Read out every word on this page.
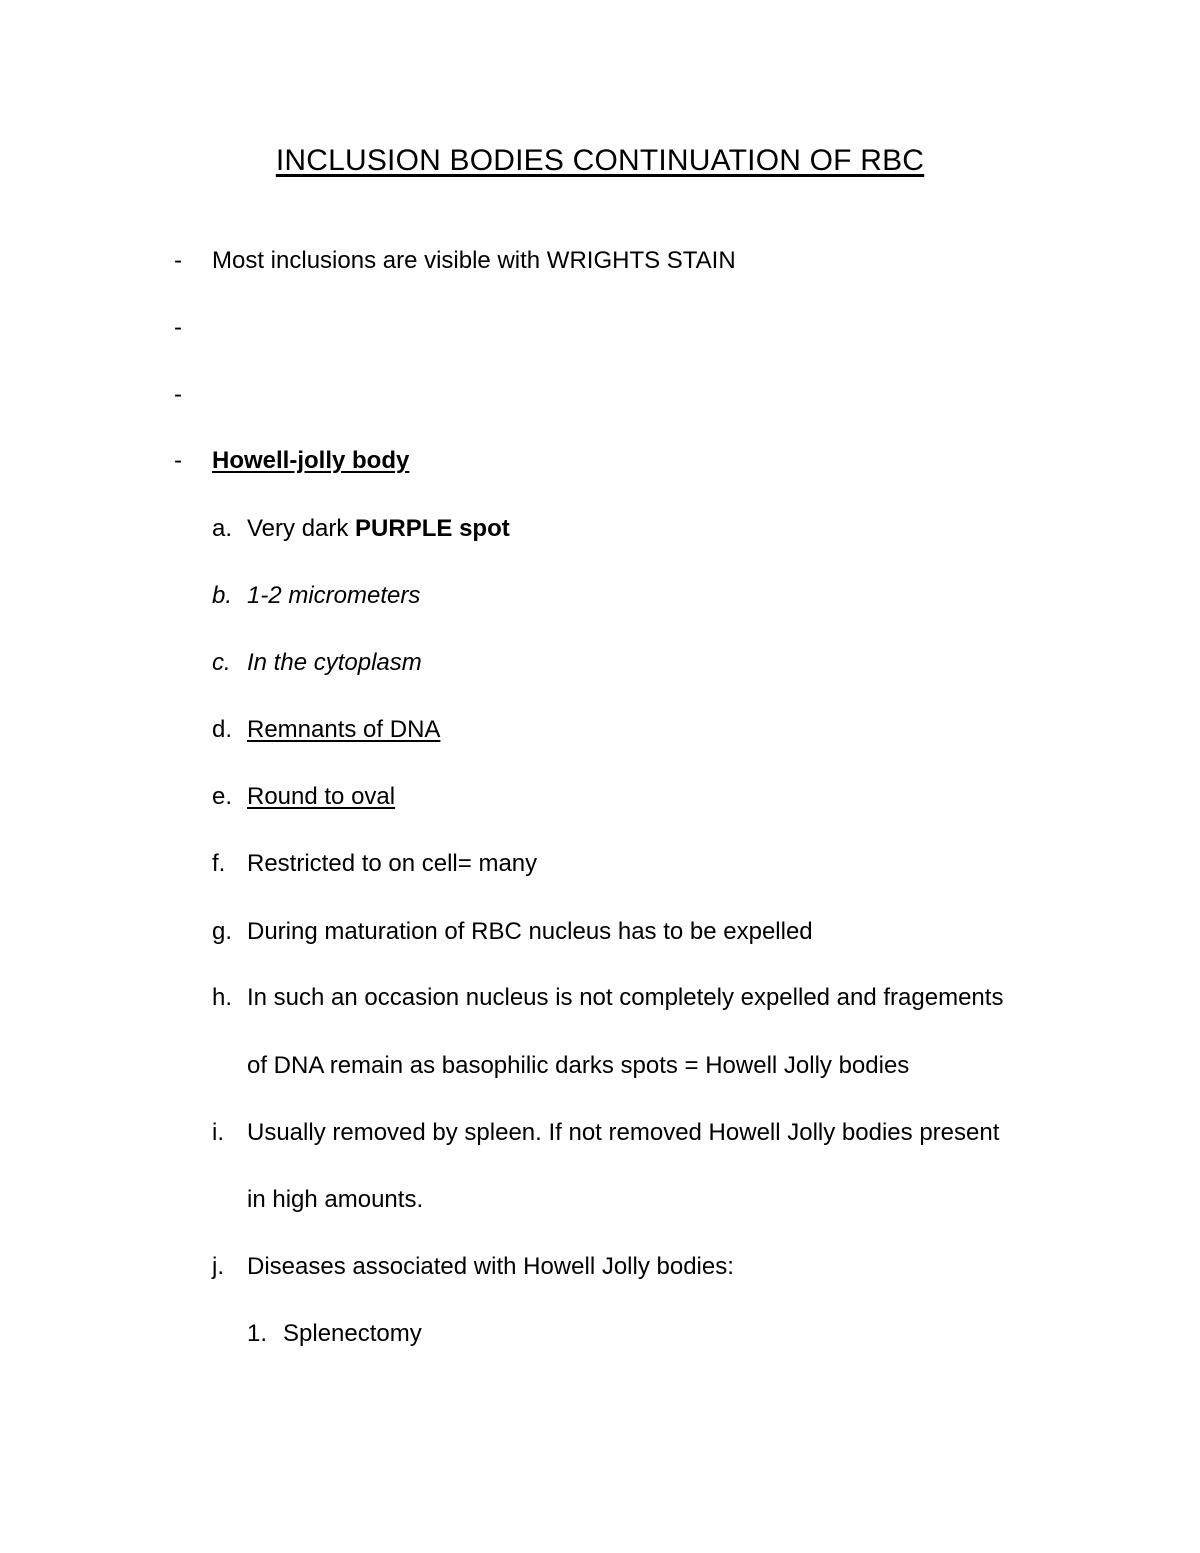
INCLUSION BODIES CONTINUATION OF RBC
- Most inclusions are visible with WRIGHTS STAIN
-
-
- Howell-jolly body
a. Very dark PURPLE spot
b. 1-2 micrometers
c. In the cytoplasm
d. Remnants of DNA
e. Round to oval
f. Restricted to on cell= many
g. During maturation of RBC nucleus has to be expelled
h. In such an occasion nucleus is not completely expelled and fragements
of DNA remain as basophilic darks spots = Howell Jolly bodies
i. Usually removed by spleen. If not removed Howell Jolly bodies present
in high amounts.
j. Diseases associated with Howell Jolly bodies:
1. Splenectomy
